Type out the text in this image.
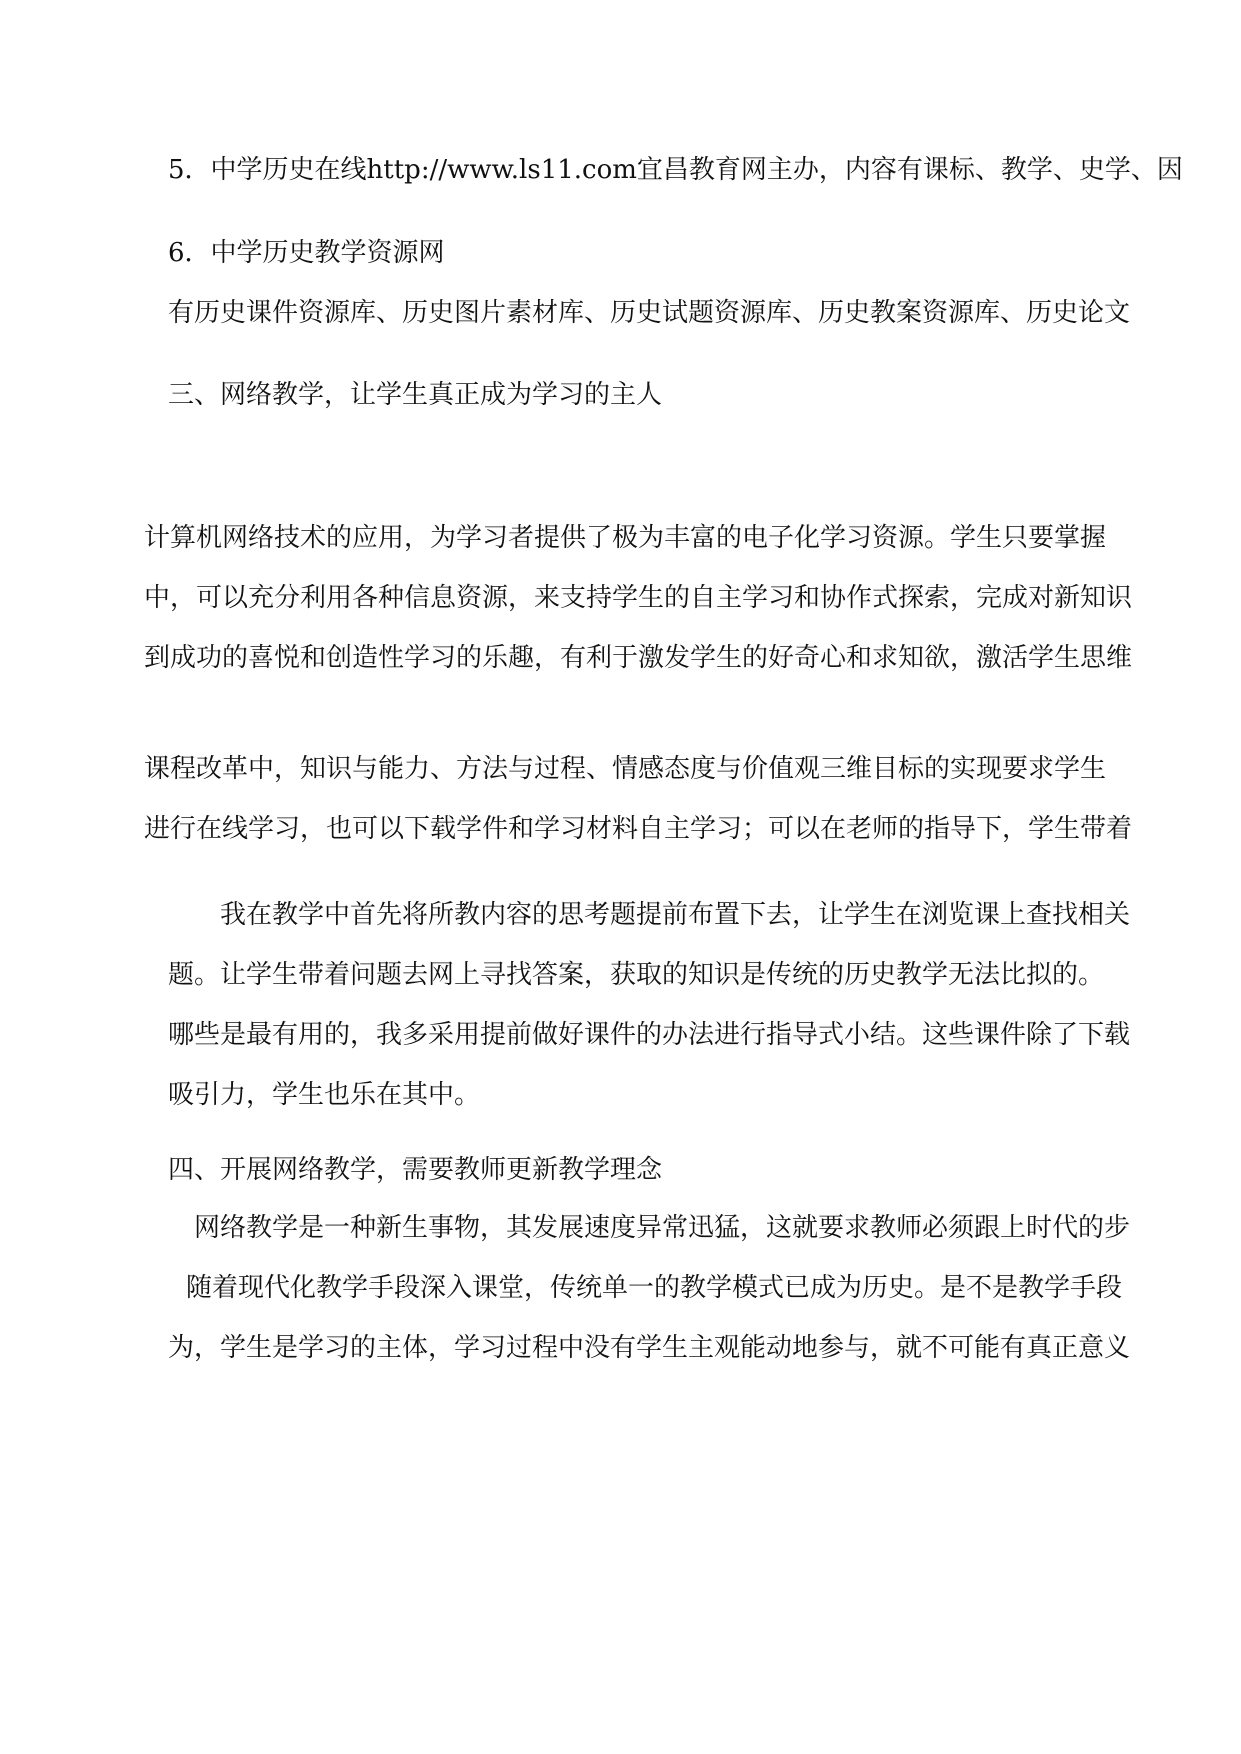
5．中学历史在线http://www.ls11.com宜昌教育网主办，内容有课标、教学、史学、因
6．中学历史教学资源网
有历史课件资源库、历史图片素材库、历史试题资源库、历史教案资源库、历史论文
三、网络教学，让学生真正成为学习的主人
计算机网络技术的应用，为学习者提供了极为丰富的电子化学习资源。学生只要掌握
中，可以充分利用各种信息资源，来支持学生的自主学习和协作式探索，完成对新知识
到成功的喜悦和创造性学习的乐趣，有利于激发学生的好奇心和求知欲，激活学生思维
课程改革中，知识与能力、方法与过程、情感态度与价值观三维目标的实现要求学生
进行在线学习，也可以下载学件和学习材料自主学习；可以在老师的指导下，学生带着
我在教学中首先将所教内容的思考题提前布置下去，让学生在浏览课上查找相关
题。让学生带着问题去网上寻找答案，获取的知识是传统的历史教学无法比拟的。
哪些是最有用的，我多采用提前做好课件的办法进行指导式小结。这些课件除了下载
吸引力，学生也乐在其中。
四、开展网络教学，需要教师更新教学理念
网络教学是一种新生事物，其发展速度异常迅猛，这就要求教师必须跟上时代的步
随着现代化教学手段深入课堂，传统单一的教学模式已成为历史。是不是教学手段
为，学生是学习的主体，学习过程中没有学生主观能动地参与，就不可能有真正意义
